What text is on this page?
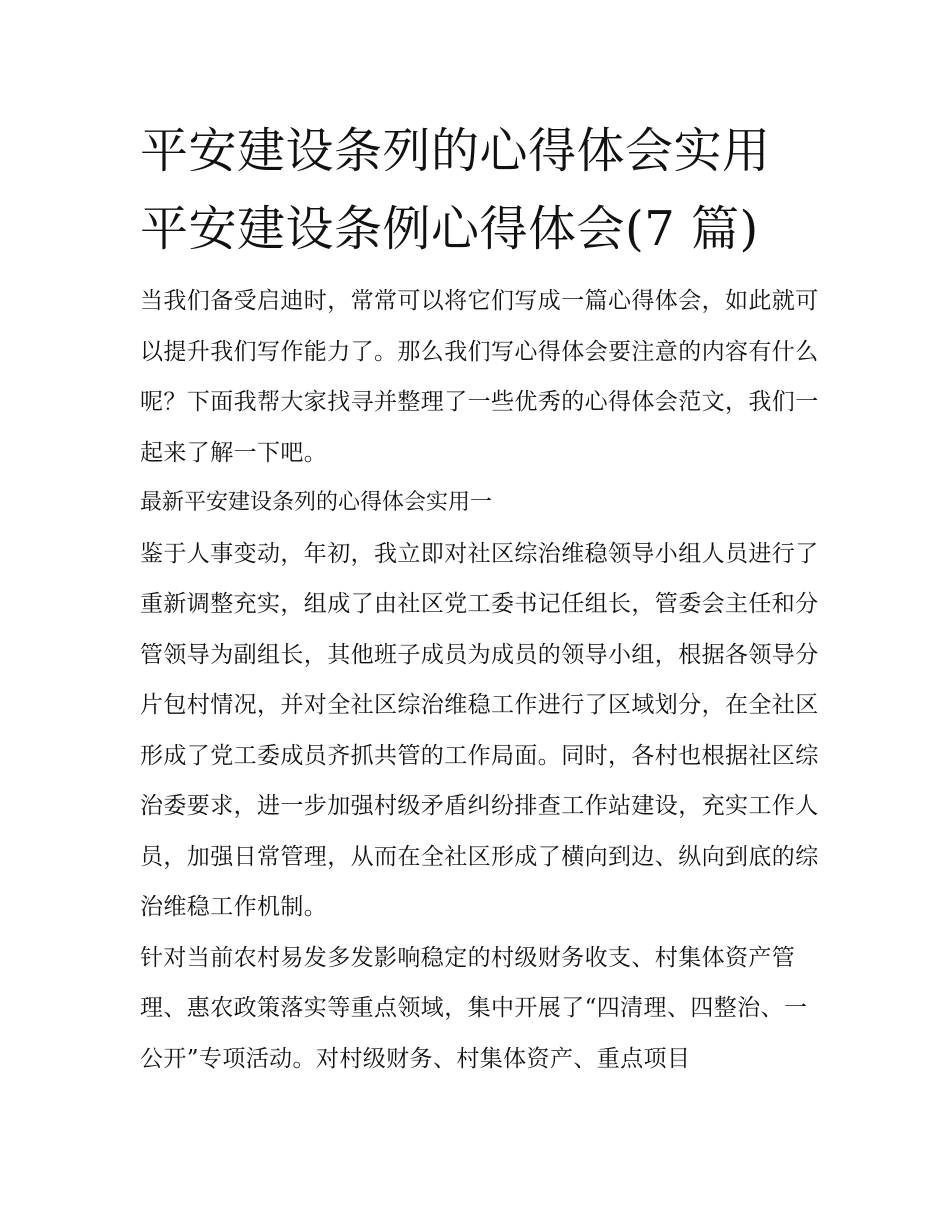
平安建设条列的心得体会实用
平安建设条例心得体会(7 篇)

当我们备受启迪时，常常可以将它们写成一篇心得体会，如此就可以提升我们写作能力了。那么我们写心得体会要注意的内容有什么呢？下面我帮大家找寻并整理了一些优秀的心得体会范文，我们一起来了解一下吧。

最新平安建设条列的心得体会实用一

鉴于人事变动，年初，我立即对社区综治维稳领导小组人员进行了重新调整充实，组成了由社区党工委书记任组长，管委会主任和分管领导为副组长，其他班子成员为成员的领导小组，根据各领导分片包村情况，并对全社区综治维稳工作进行了区域划分，在全社区形成了党工委成员齐抓共管的工作局面。同时，各村也根据社区综治委要求，进一步加强村级矛盾纠纷排查工作站建设，充实工作人员，加强日常管理，从而在全社区形成了横向到边、纵向到底的综治维稳工作机制。

针对当前农村易发多发影响稳定的村级财务收支、村集体资产管理、惠农政策落实等重点领域，集中开展了“四清理、四整治、一公开”专项活动。对村级财务、村集体资产、重点项目
